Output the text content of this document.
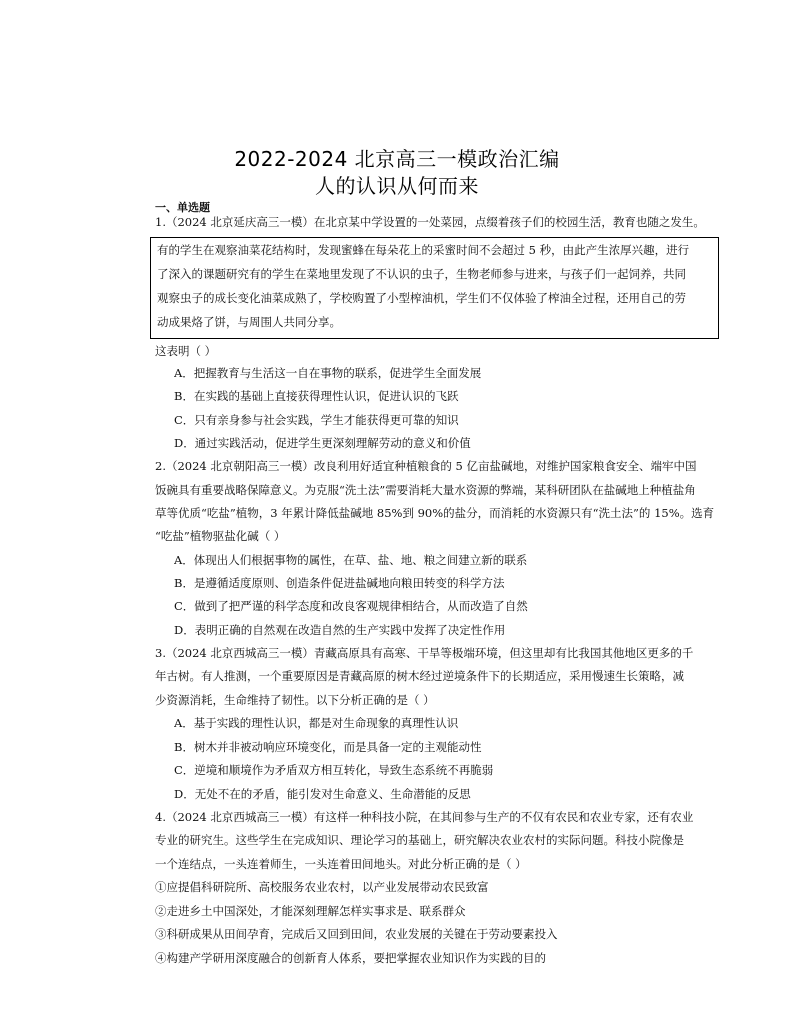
2022-2024 北京高三一模政治汇编
人的认识从何而来
一、单选题
1.（2024 北京延庆高三一模）在北京某中学设置的一处菜园，点缀着孩子们的校园生活，教育也随之发生。
有的学生在观察油菜花结构时，发现蜜蜂在每朵花上的采蜜时间不会超过 5 秒，由此产生浓厚兴趣，进行
了深入的课题研究有的学生在菜地里发现了不认识的虫子，生物老师参与进来，与孩子们一起饲养，共同
观察虫子的成长变化油菜成熟了，学校购置了小型榨油机，学生们不仅体验了榨油全过程，还用自己的劳
动成果烙了饼，与周围人共同分享。
这表明（ ）
A．把握教育与生活这一自在事物的联系，促进学生全面发展
B．在实践的基础上直接获得理性认识，促进认识的飞跃
C．只有亲身参与社会实践，学生才能获得更可靠的知识
D．通过实践活动，促进学生更深刻理解劳动的意义和价值
2.（2024 北京朝阳高三一模）改良利用好适宜种植粮食的 5 亿亩盐碱地，对维护国家粮食安全、端牢中国
饭碗具有重要战略保障意义。为克服“洗土法”需要消耗大量水资源的弊端，某科研团队在盐碱地上种植盐角
草等优质“吃盐”植物，3 年累计降低盐碱地 85%到 90%的盐分，而消耗的水资源只有“洗土法”的 15%。选育
“吃盐”植物驱盐化碱（ ）
A．体现出人们根据事物的属性，在草、盐、地、粮之间建立新的联系
B．是遵循适度原则、创造条件促进盐碱地向粮田转变的科学方法
C．做到了把严谨的科学态度和改良客观规律相结合，从而改造了自然
D．表明正确的自然观在改造自然的生产实践中发挥了决定性作用
3.（2024 北京西城高三一模）青藏高原具有高寒、干旱等极端环境，但这里却有比我国其他地区更多的千
年古树。有人推测，一个重要原因是青藏高原的树木经过逆境条件下的长期适应，采用慢速生长策略，减
少资源消耗，生命维持了韧性。以下分析正确的是（ ）
A．基于实践的理性认识，都是对生命现象的真理性认识
B．树木并非被动响应环境变化，而是具备一定的主观能动性
C．逆境和顺境作为矛盾双方相互转化，导致生态系统不再脆弱
D．无处不在的矛盾，能引发对生命意义、生命潜能的反思
4.（2024 北京西城高三一模）有这样一种科技小院，在其间参与生产的不仅有农民和农业专家，还有农业
专业的研究生。这些学生在完成知识、理论学习的基础上，研究解决农业农村的实际问题。科技小院像是
一个连结点，一头连着师生，一头连着田间地头。对此分析正确的是（ ）
①应提倡科研院所、高校服务农业农村，以产业发展带动农民致富
②走进乡土中国深处，才能深刻理解怎样实事求是、联系群众
③科研成果从田间孕育，完成后又回到田间，农业发展的关键在于劳动要素投入
④构建产学研用深度融合的创新育人体系，要把掌握农业知识作为实践的目的
